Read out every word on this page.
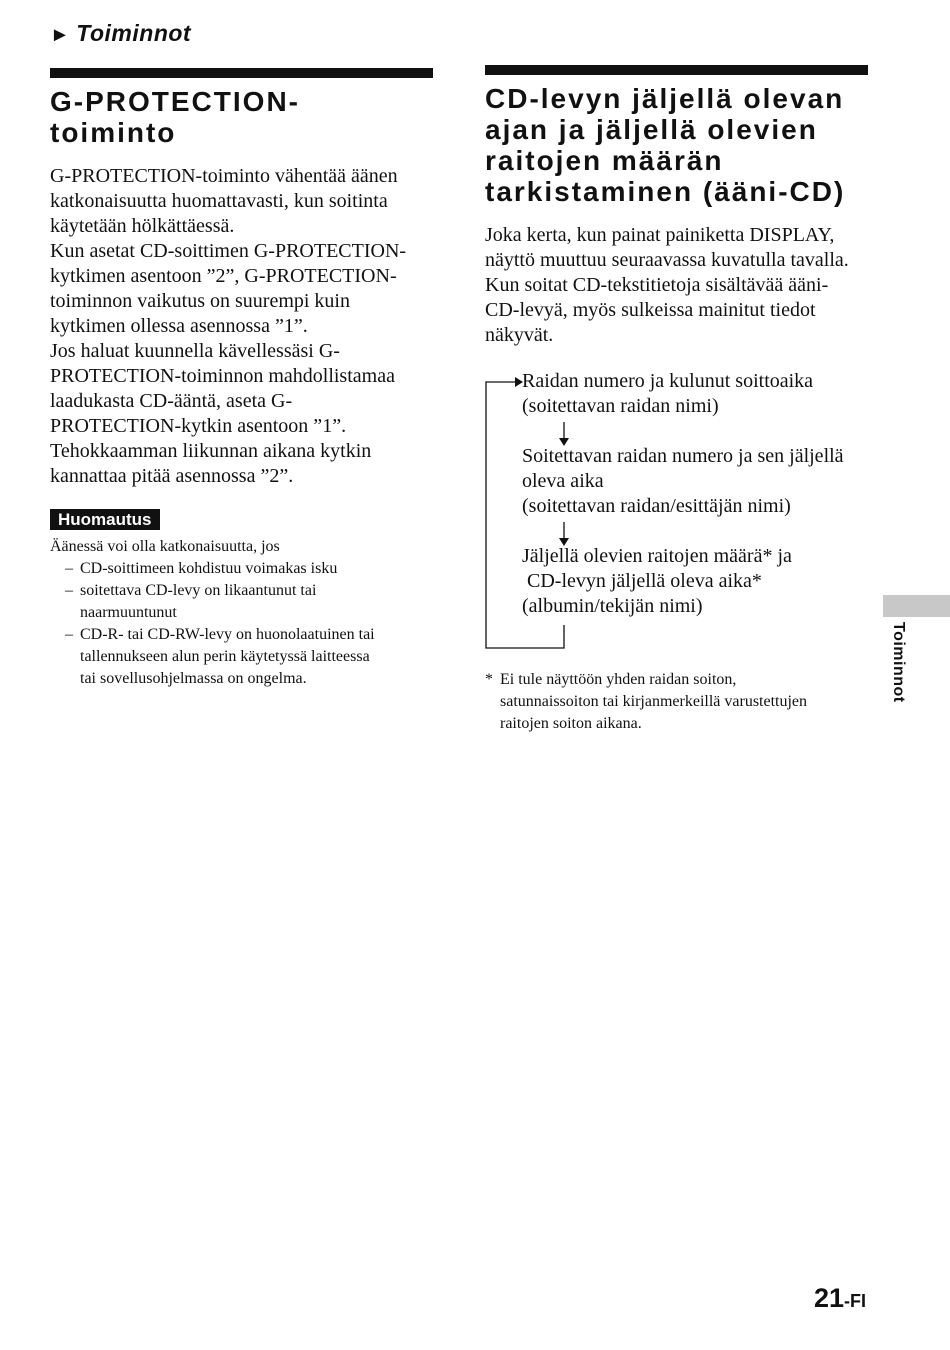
► Toiminnot
G-PROTECTION-
toiminto

G-PROTECTION-toiminto vähentää äänen
katkonaisuutta huomattavasti, kun soitinta
käytetään hölkättäessä.

Kun asetat CD-soittimen G-PROTECTION-
kytkimen asentoon ”2”, G-PROTECTION-
toiminnon vaikutus on suurempi kuin
kytkimen ollessa asennossa ”1”.

Jos haluat kuunnella kävellessäsi G-
PROTECTION-toiminnon mahdollistamaa
laadukasta CD-ääntä, aseta G-
PROTECTION-kytkin asentoon ”1”.

Tehokkaamman liikunnan aikana kytkin
kannattaa pitää asennossa ”2”.

Huomautus
Äänessä voi olla katkonaisuutta, jos
– CD-soittimeen kohdistuu voimakas isku
– soitettava CD-levy on likaantunut tai
naarmuuntunut
– CD-R- tai CD-RW-levy on huonolaatuinen tai
tallennukseen alun perin käytetyssä laitteessa
tai sovellusohjelmassa on ongelma.
CD-levyn jäljellä olevan
ajan ja jäljellä olevien
raitojen määrän
tarkistaminen (ääni-CD)

Joka kerta, kun painat painiketta DISPLAY,
näyttö muuttuu seuraavassa kuvatulla tavalla.
Kun soitat CD-tekstitietoja sisältävää ääni-
CD-levyä, myös sulkeissa mainitut tiedot
näkyvät.

Raidan numero ja kulunut soittoaika
(soitettavan raidan nimi)
Soitettavan raidan numero ja sen jäljellä
oleva aika
(soitettavan raidan/esittäjän nimi)
Jäljellä olevien raitojen määrä* ja
CD-levyn jäljellä oleva aika*
(albumin/tekijän nimi)
* Ei tule näyttöön yhden raidan soiton,
satunnaissoiton tai kirjanmerkeillä varustettujen
raitojen soiton aikana.
Toiminnot
21-FI
